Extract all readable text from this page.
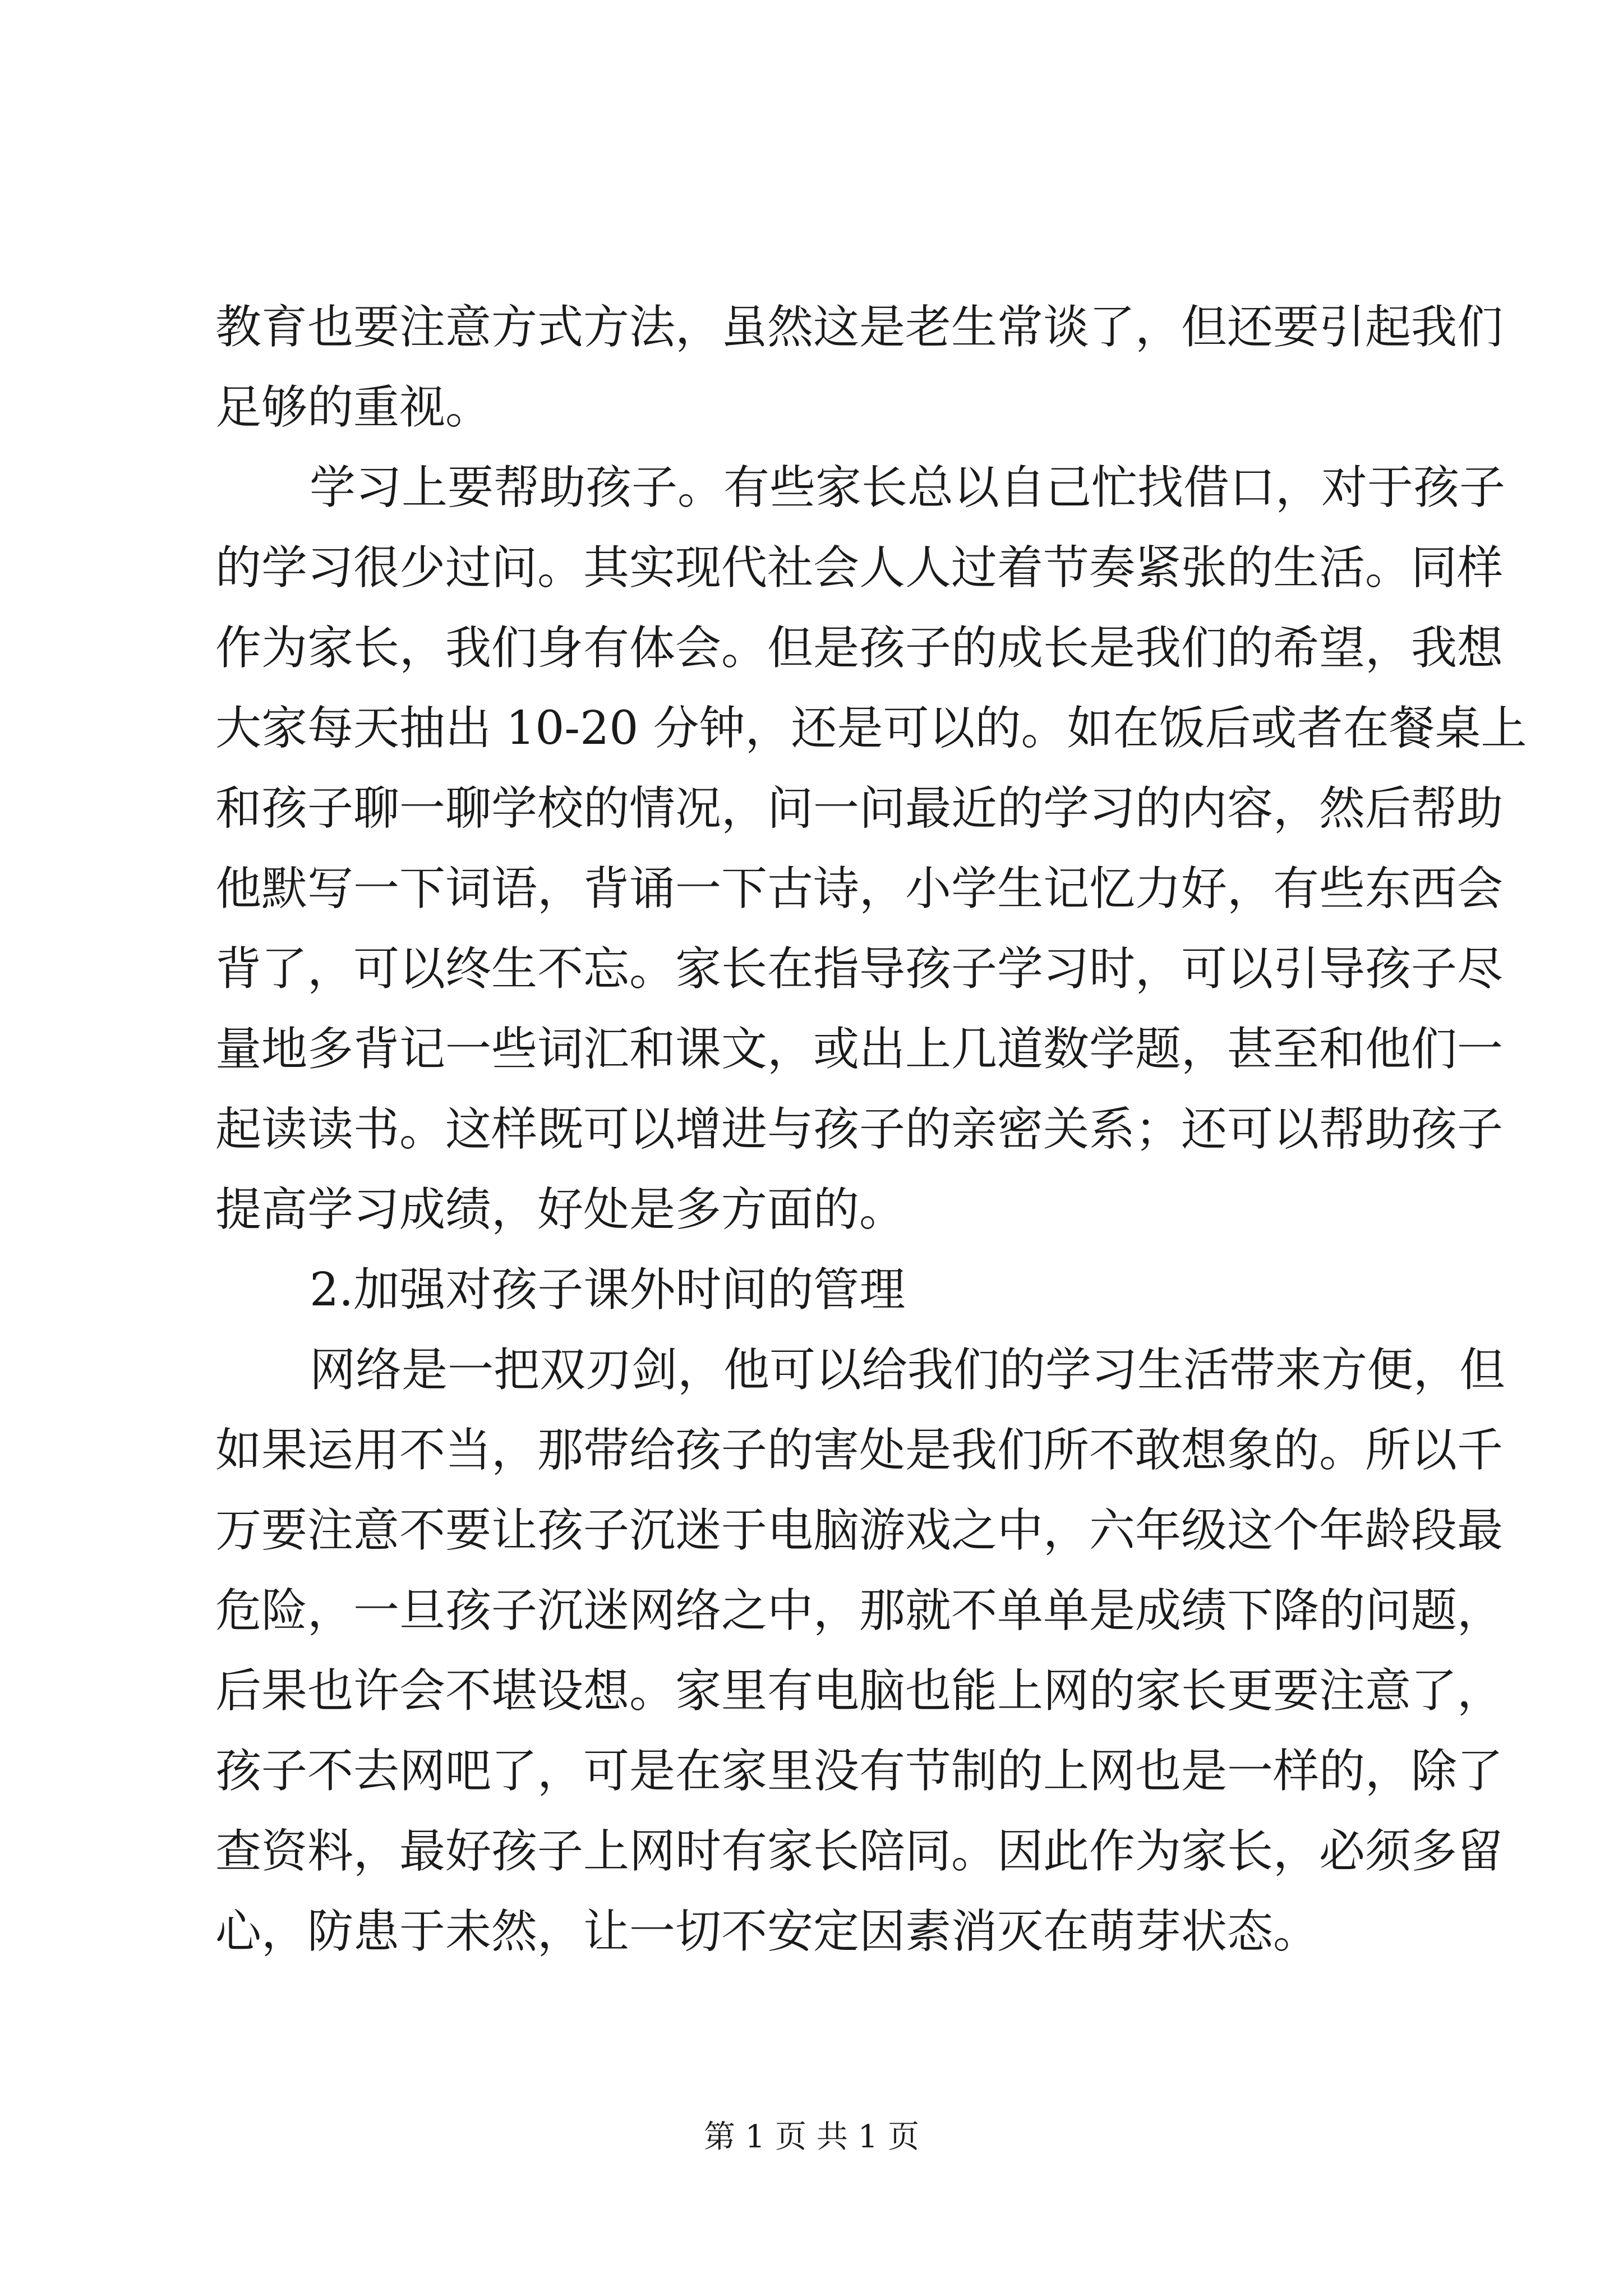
教育也要注意方式方法，虽然这是老生常谈了，但还要引起我们
足够的重视。
学习上要帮助孩子。有些家长总以自己忙找借口，对于孩子
的学习很少过问。其实现代社会人人过着节奏紧张的生活。同样
作为家长，我们身有体会。但是孩子的成长是我们的希望，我想
大家每天抽出 10-20 分钟，还是可以的。如在饭后或者在餐桌上
和孩子聊一聊学校的情况，问一问最近的学习的内容，然后帮助
他默写一下词语，背诵一下古诗，小学生记忆力好，有些东西会
背了，可以终生不忘。家长在指导孩子学习时，可以引导孩子尽
量地多背记一些词汇和课文，或出上几道数学题，甚至和他们一
起读读书。这样既可以增进与孩子的亲密关系；还可以帮助孩子
提高学习成绩，好处是多方面的。
2.加强对孩子课外时间的管理
网络是一把双刃剑，他可以给我们的学习生活带来方便，但
如果运用不当，那带给孩子的害处是我们所不敢想象的。所以千
万要注意不要让孩子沉迷于电脑游戏之中，六年级这个年龄段最
危险，一旦孩子沉迷网络之中，那就不单单是成绩下降的问题，
后果也许会不堪设想。家里有电脑也能上网的家长更要注意了，
孩子不去网吧了，可是在家里没有节制的上网也是一样的，除了
查资料，最好孩子上网时有家长陪同。因此作为家长，必须多留
心，防患于未然，让一切不安定因素消灭在萌芽状态。
第 1 页 共 1 页
